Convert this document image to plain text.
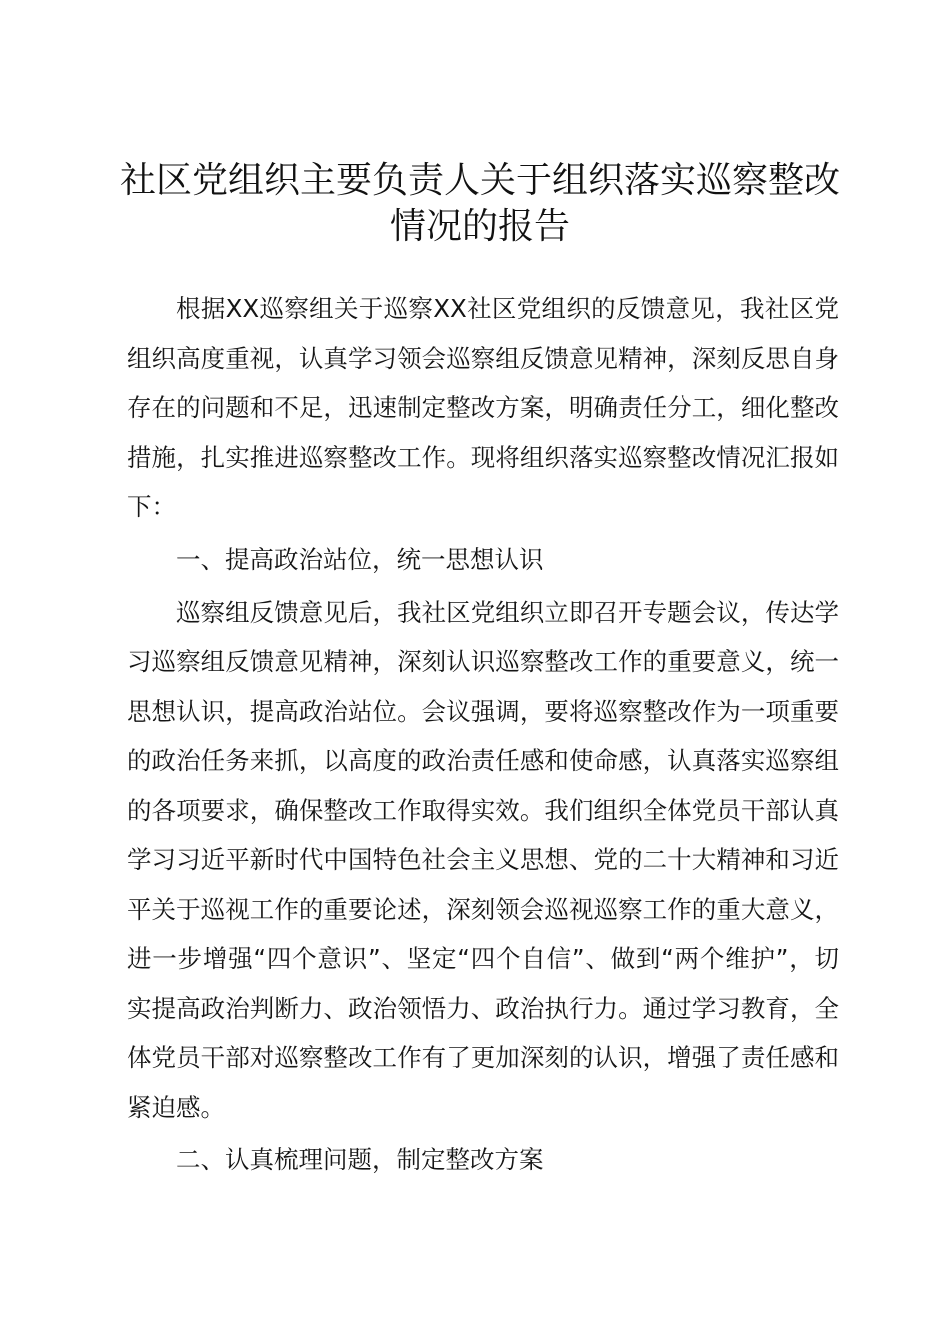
社区党组织主要负责人关于组织落实巡察整改
情况的报告

根据XX巡察组关于巡察XX社区党组织的反馈意见，我社区党组织高度重视，认真学习领会巡察组反馈意见精神，深刻反思自身存在的问题和不足，迅速制定整改方案，明确责任分工，细化整改措施，扎实推进巡察整改工作。现将组织落实巡察整改情况汇报如下：

一、提高政治站位，统一思想认识

巡察组反馈意见后，我社区党组织立即召开专题会议，传达学习巡察组反馈意见精神，深刻认识巡察整改工作的重要意义，统一思想认识，提高政治站位。会议强调，要将巡察整改作为一项重要的政治任务来抓，以高度的政治责任感和使命感，认真落实巡察组的各项要求，确保整改工作取得实效。我们组织全体党员干部认真学习习近平新时代中国特色社会主义思想、党的二十大精神和习近平关于巡视工作的重要论述，深刻领会巡视巡察工作的重大意义，进一步增强“四个意识”、坚定“四个自信”、做到“两个维护”，切实提高政治判断力、政治领悟力、政治执行力。通过学习教育，全体党员干部对巡察整改工作有了更加深刻的认识，增强了责任感和紧迫感。

二、认真梳理问题，制定整改方案
